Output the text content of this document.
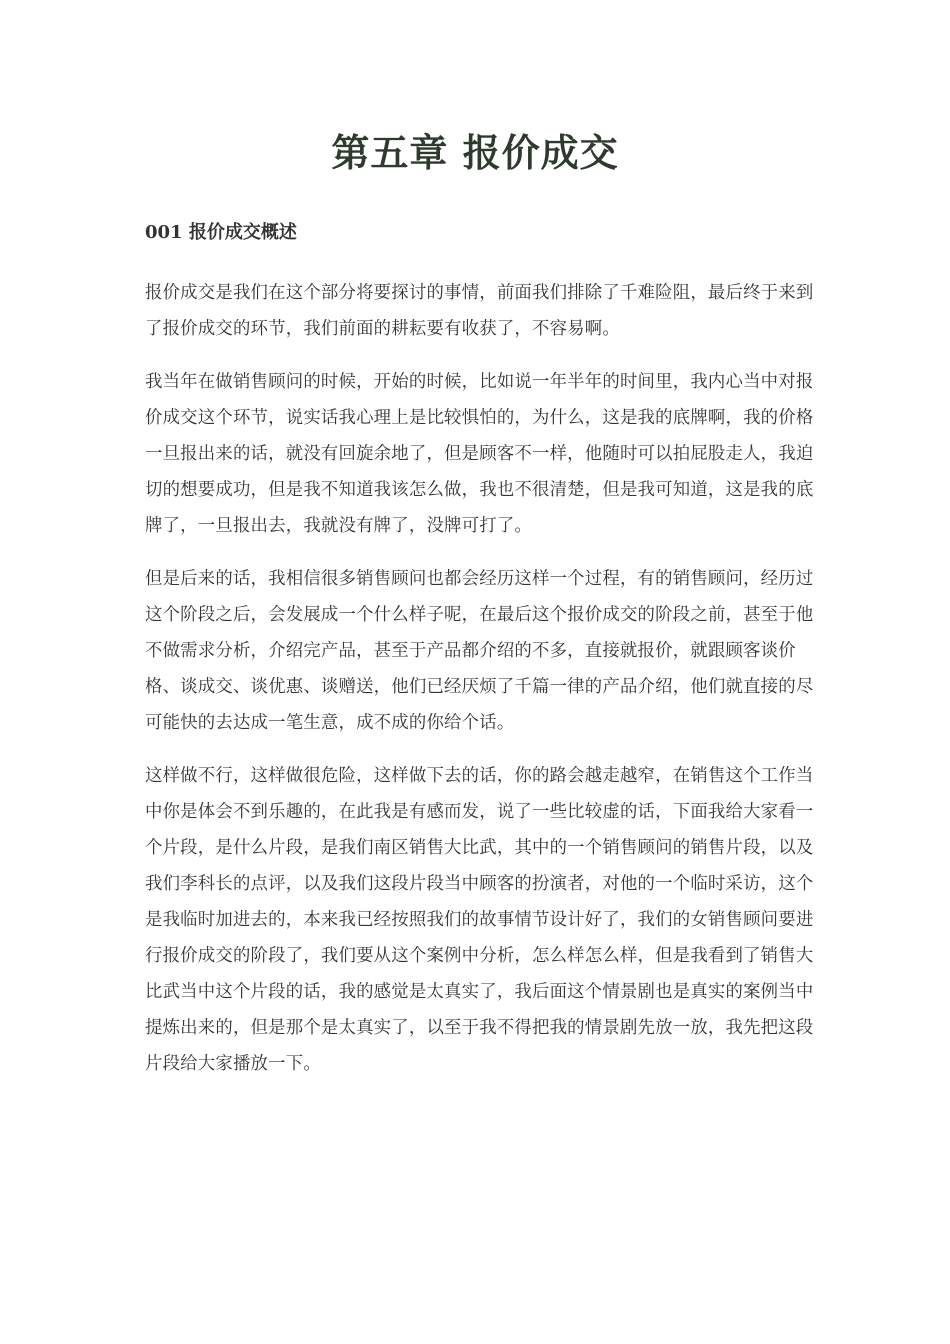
第五章 报价成交
001 报价成交概述

报价成交是我们在这个部分将要探讨的事情，前面我们排除了千难险阻，最后终于来到了报价成交的环节，我们前面的耕耘要有收获了，不容易啊。

我当年在做销售顾问的时候，开始的时候，比如说一年半年的时间里，我内心当中对报价成交这个环节，说实话我心理上是比较惧怕的，为什么，这是我的底牌啊，我的价格一旦报出来的话，就没有回旋余地了，但是顾客不一样，他随时可以拍屁股走人，我迫切的想要成功，但是我不知道我该怎么做，我也不很清楚，但是我可知道，这是我的底牌了，一旦报出去，我就没有牌了，没牌可打了。

但是后来的话，我相信很多销售顾问也都会经历这样一个过程，有的销售顾问，经历过这个阶段之后，会发展成一个什么样子呢，在最后这个报价成交的阶段之前，甚至于他不做需求分析，介绍完产品，甚至于产品都介绍的不多，直接就报价，就跟顾客谈价格、谈成交、谈优惠、谈赠送，他们已经厌烦了千篇一律的产品介绍，他们就直接的尽可能快的去达成一笔生意，成不成的你给个话。

这样做不行，这样做很危险，这样做下去的话，你的路会越走越窄，在销售这个工作当中你是体会不到乐趣的，在此我是有感而发，说了一些比较虚的话，下面我给大家看一个片段，是什么片段，是我们南区销售大比武，其中的一个销售顾问的销售片段，以及我们李科长的点评，以及我们这段片段当中顾客的扮演者，对他的一个临时采访，这个是我临时加进去的，本来我已经按照我们的故事情节设计好了，我们的女销售顾问要进行报价成交的阶段了，我们要从这个案例中分析，怎么样怎么样，但是我看到了销售大比武当中这个片段的话，我的感觉是太真实了，我后面这个情景剧也是真实的案例当中提炼出来的，但是那个是太真实了，以至于我不得把我的情景剧先放一放，我先把这段片段给大家播放一下。
